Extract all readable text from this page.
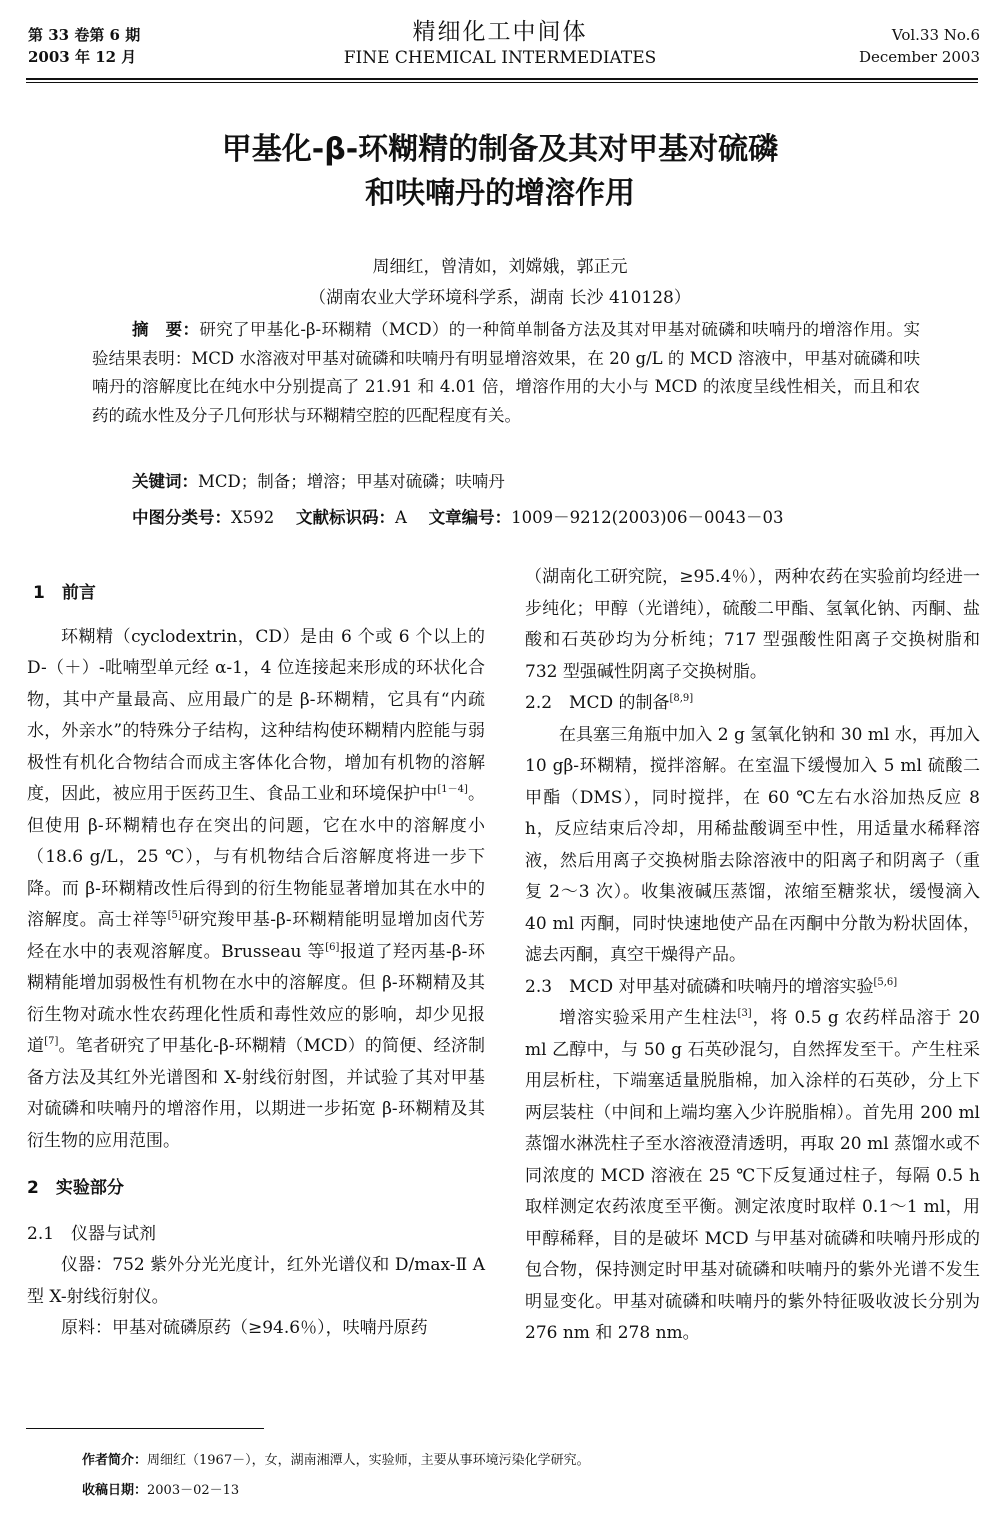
第 33 卷第 6 期
2003 年 12 月
精细化工中间体
FINE CHEMICAL INTERMEDIATES
Vol.33 No.6
December 2003
甲基化-β-环糊精的制备及其对甲基对硫磷
和呋喃丹的增溶作用
周细红，曾清如，刘嫦娥，郭正元
（湖南农业大学环境科学系，湖南 长沙 410128）
摘　要：研究了甲基化-β-环糊精（MCD）的一种简单制备方法及其对甲基对硫磷和呋喃丹的增溶作用。实验结果表明：MCD 水溶液对甲基对硫磷和呋喃丹有明显增溶效果，在 20 g/L 的 MCD 溶液中，甲基对硫磷和呋喃丹的溶解度比在纯水中分别提高了 21.91 和 4.01 倍，增溶作用的大小与 MCD 的浓度呈线性相关，而且和农药的疏水性及分子几何形状与环糊精空腔的匹配程度有关。
关键词：MCD；制备；增溶；甲基对硫磷；呋喃丹
中图分类号：X592  文献标识码：A  文章编号：1009－9212(2003)06－0043－03
1　前言

环糊精（cyclodextrin，CD）是由 6 个或 6 个以上的 D-（＋）-吡喃型单元经 α-1，4 位连接起来形成的环状化合物，其中产量最高、应用最广的是 β-环糊精，它具有“内疏水，外亲水”的特殊分子结构，这种结构使环糊精内腔能与弱极性有机化合物结合而成主客体化合物，增加有机物的溶解度，因此，被应用于医药卫生、食品工业和环境保护中[1－4]。但使用 β-环糊精也存在突出的问题，它在水中的溶解度小（18.6 g/L，25 ℃），与有机物结合后溶解度将进一步下降。而 β-环糊精改性后得到的衍生物能显著增加其在水中的溶解度。高士祥等[5]研究羧甲基-β-环糊精能明显增加卤代芳烃在水中的表观溶解度。Brusseau 等[6]报道了羟丙基-β-环糊精能增加弱极性有机物在水中的溶解度。但 β-环糊精及其衍生物对疏水性农药理化性质和毒性效应的影响，却少见报道[7]。笔者研究了甲基化-β-环糊精（MCD）的简便、经济制备方法及其红外光谱图和 X-射线衍射图，并试验了其对甲基对硫磷和呋喃丹的增溶作用，以期进一步拓宽 β-环糊精及其衍生物的应用范围。

2　实验部分
2.1　仪器与试剂

仪器：752 紫外分光光度计，红外光谱仪和 D/max-Ⅱ A 型 X-射线衍射仪。

原料：甲基对硫磷原药（≥94.6％），呋喃丹原药

（湖南化工研究院，≥95.4％），两种农药在实验前均经进一步纯化；甲醇（光谱纯），硫酸二甲酯、氢氧化钠、丙酮、盐酸和石英砂均为分析纯；717 型强酸性阳离子交换树脂和 732 型强碱性阴离子交换树脂。

2.2　MCD 的制备[8,9]

在具塞三角瓶中加入 2 g 氢氧化钠和 30 ml 水，再加入 10 gβ-环糊精，搅拌溶解。在室温下缓慢加入 5 ml 硫酸二甲酯（DMS），同时搅拌，在 60 ℃左右水浴加热反应 8 h，反应结束后冷却，用稀盐酸调至中性，用适量水稀释溶液，然后用离子交换树脂去除溶液中的阳离子和阴离子（重复 2～3 次）。收集液碱压蒸馏，浓缩至糖浆状，缓慢滴入 40 ml 丙酮，同时快速地使产品在丙酮中分散为粉状固体，滤去丙酮，真空干燥得产品。

2.3　MCD 对甲基对硫磷和呋喃丹的增溶实验[5,6]

增溶实验采用产生柱法[3]，将 0.5 g 农药样品溶于 20 ml 乙醇中，与 50 g 石英砂混匀，自然挥发至干。产生柱采用层析柱，下端塞适量脱脂棉，加入涂样的石英砂，分上下两层装柱（中间和上端均塞入少许脱脂棉）。首先用 200 ml 蒸馏水淋洗柱子至水溶液澄清透明，再取 20 ml 蒸馏水或不同浓度的 MCD 溶液在 25 ℃下反复通过柱子，每隔 0.5 h 取样测定农药浓度至平衡。测定浓度时取样 0.1～1 ml，用甲醇稀释，目的是破坏 MCD 与甲基对硫磷和呋喃丹形成的包合物，保持测定时甲基对硫磷和呋喃丹的紫外光谱不发生明显变化。甲基对硫磷和呋喃丹的紫外特征吸收波长分别为 276 nm 和 278 nm。

作者简介：周细红（1967－），女，湖南湘潭人，实验师，主要从事环境污染化学研究。
收稿日期：2003－02－13
